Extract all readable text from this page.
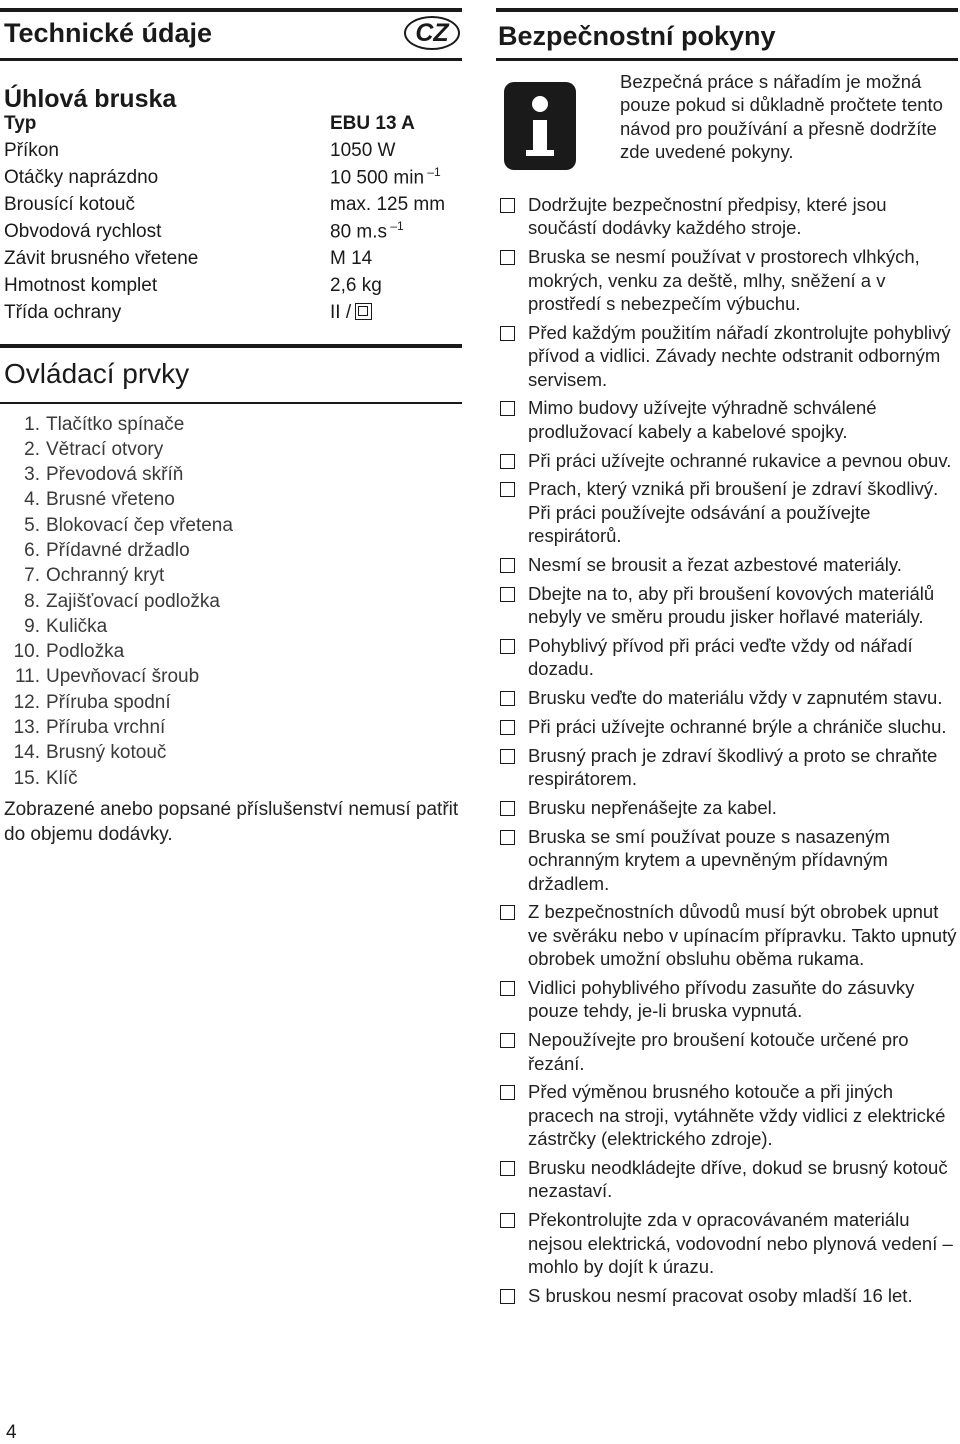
Technické údaje	CZ
Úhlová bruska
Typ	EBU 13 A
Příkon	1050 W
Otáčky naprázdno	10 500 min $^{-1}$
Brousící kotouč	max. 125 mm
Obvodová rychlost	80 m.s $^{-1}$
Závit brusného vřetene	M 14
Hmotnost komplet	2,6 kg
Třída ochrany	II /
Ovládací prvky
1. Tlačítko spínače
2. Větrací otvory
3. Převodová skříň
4. Brusné vřeteno
5. Blokovací čep vřetena
6. Přídavné držadlo
7. Ochranný kryt
8. Zajišťovací podložka
9. Kulička
10. Podložka
11. Upevňovací šroub
12. Příruba spodní
13. Příruba vrchní
14. Brusný kotouč
15. Klíč
Zobrazené anebo popsané příslušenství nemusí patřit do objemu dodávky.
4
Bezpečnostní pokyny
Bezpečná práce s nářadím je možná pouze pokud si důkladně pročtete tento návod pro používání a přesně dodržíte zde uvedené pokyny.
Dodržujte bezpečnostní předpisy, které jsou součástí dodávky každého stroje.
Bruska se nesmí používat v prostorech vlhkých, mokrých, venku za deště, mlhy, sněžení a v prostředí s nebezpečím výbuchu.
Před každým použitím nářadí zkontrolujte pohyblivý přívod a vidlici. Závady nechte odstranit odborným servisem.
Mimo budovy užívejte výhradně schválené prodlužovací kabely a kabelové spojky.
Při práci užívejte ochranné rukavice a pevnou obuv.
Prach, který vzniká při broušení je zdraví škodlivý. Při práci používejte odsávání a používejte respirátorů.
Nesmí se brousit a řezat azbestové materiály.
Dbejte na to, aby při broušení kovových materiálů nebyly ve směru proudu jisker hořlavé materiály.
Pohyblivý přívod při práci veďte vždy od nářadí dozadu.
Brusku veďte do materiálu vždy v zapnutém stavu.
Při práci užívejte ochranné brýle a chrániče sluchu.
Brusný prach je zdraví škodlivý a proto se chraňte respirátorem.
Brusku nepřenášejte za kabel.
Bruska se smí používat pouze s nasazeným ochranným krytem a upevněným přídavným držadlem.
Z bezpečnostních důvodů musí být obrobek upnut ve svěráku nebo v upínacím přípravku. Takto upnutý obrobek umožní obsluhu oběma rukama.
Vidlici pohyblivého přívodu zasuňte do zásuvky pouze tehdy, je-li bruska vypnutá.
Nepoužívejte pro broušení kotouče určené pro řezání.
Před výměnou brusného kotouče a při jiných pracech na stroji, vytáhněte vždy vidlici z elektrické zástrčky (elektrického zdroje).
Brusku neodkládejte dříve, dokud se brusný kotouč nezastaví.
Překontrolujte zda v opracovávaném materiálu nejsou elektrická, vodovodní nebo plynová vedení – mohlo by dojít k úrazu.
S bruskou nesmí pracovat osoby mladší 16 let.
